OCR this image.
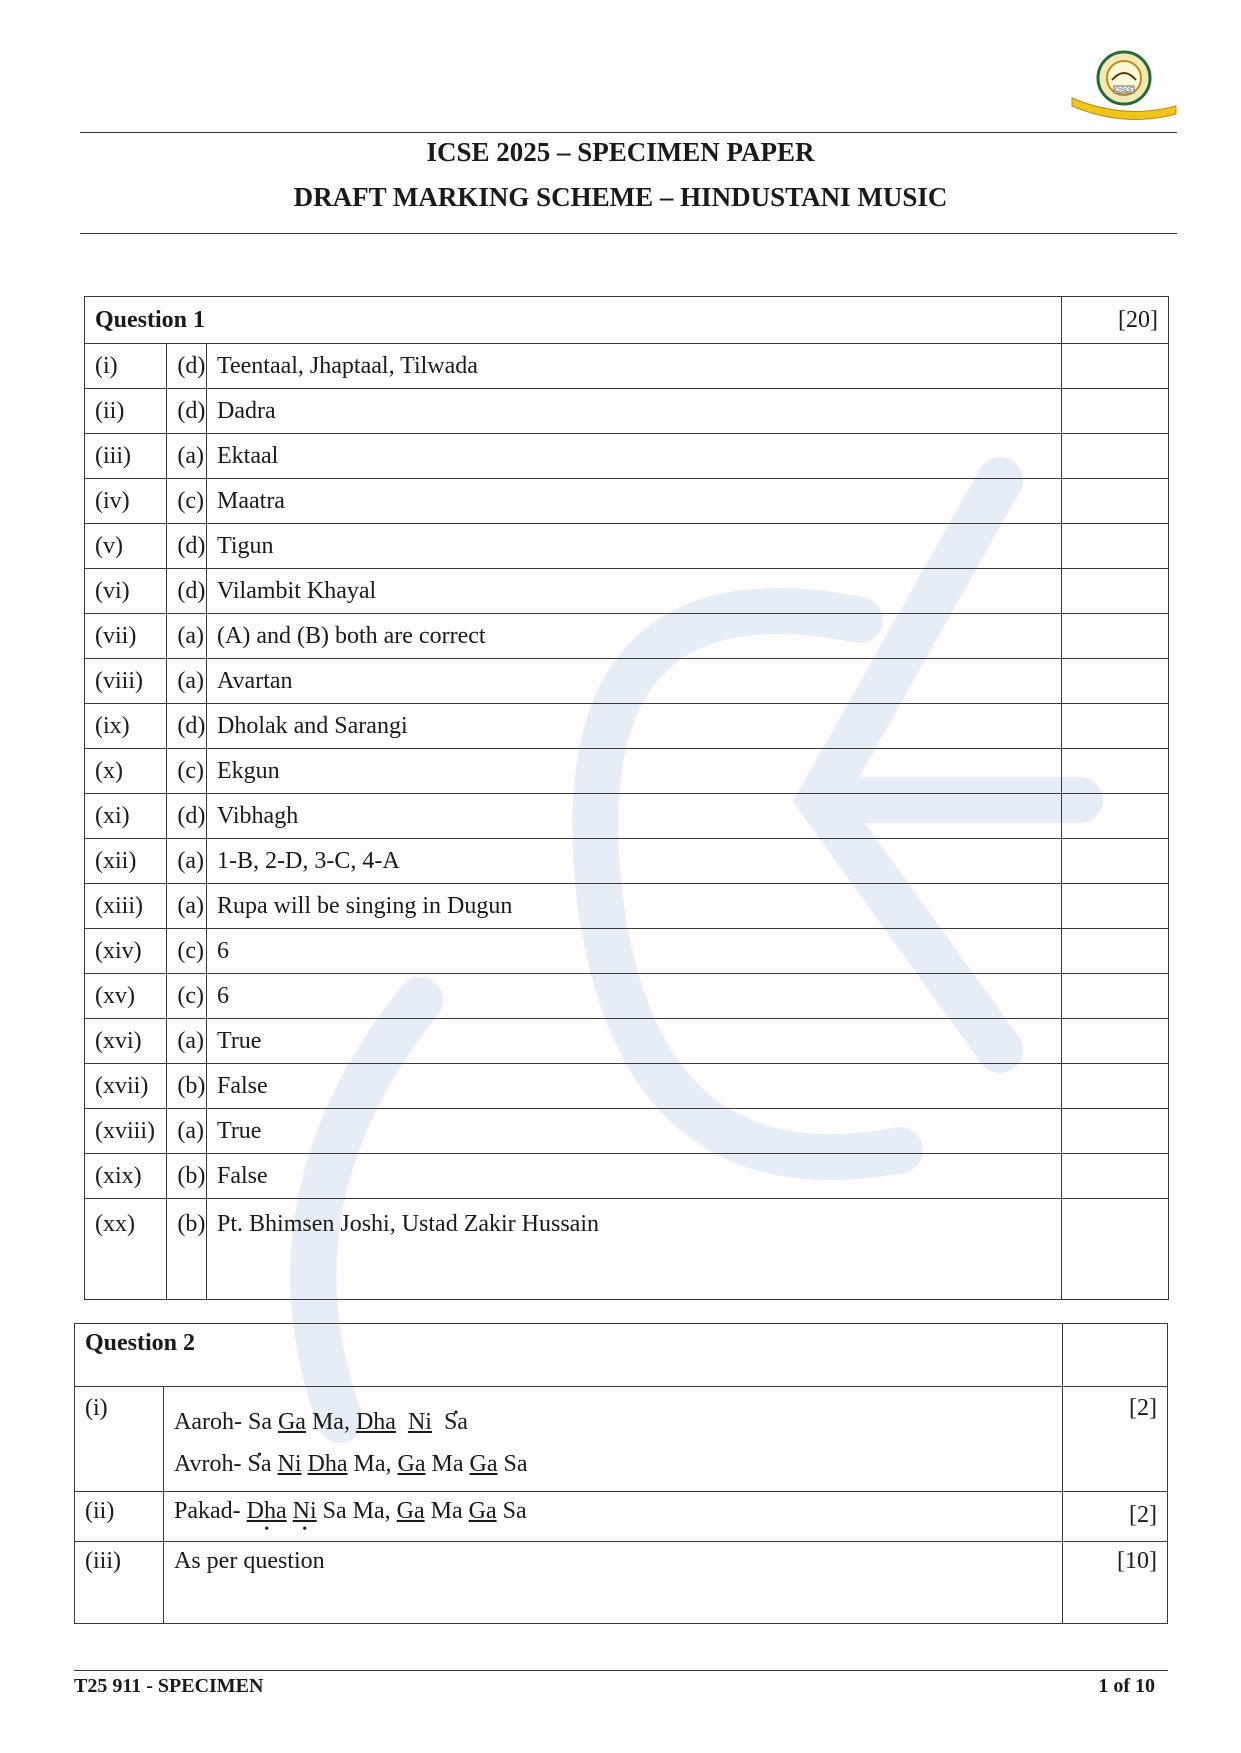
CISCE
ICSE 2025 – SPECIMEN PAPER
DRAFT MARKING SCHEME – HINDUSTANI MUSIC
Question 1			[20]
(i)	(d)	Teentaal, Jhaptaal, Tilwada	
(ii)	(d)	Dadra	
(iii)	(a)	Ektaal	
(iv)	(c)	Maatra	
(v)	(d)	Tigun	
(vi)	(d)	Vilambit Khayal	
(vii)	(a)	(A) and (B) both are correct	
(viii)	(a)	Avartan	
(ix)	(d)	Dholak and Sarangi	
(x)	(c)	Ekgun	
(xi)	(d)	Vibhagh	
(xii)	(a)	1-B, 2-D, 3-C, 4-A	
(xiii)	(a)	Rupa will be singing in Dugun	
(xiv)	(c)	6	
(xv)	(c)	6	
(xvi)	(a)	True	
(xvii)	(b)	False	
(xviii)	(a)	True	
(xix)	(b)	False	
(xx)	(b)	Pt. Bhimsen Joshi, Ustad Zakir Hussain	
Question 2		
(i)	Aaroh- Sa Ga Ma, Dha Ni • Sa
Avroh- • Sa Ni Dha Ma, Ga Ma Ga Sa	[2]
(ii)	Pakad- Dha • Ni • Sa Ma, Ga Ma Ga Sa	[2]
(iii)	As per question	[10]
T25 911 - SPECIMEN	1 of 10
